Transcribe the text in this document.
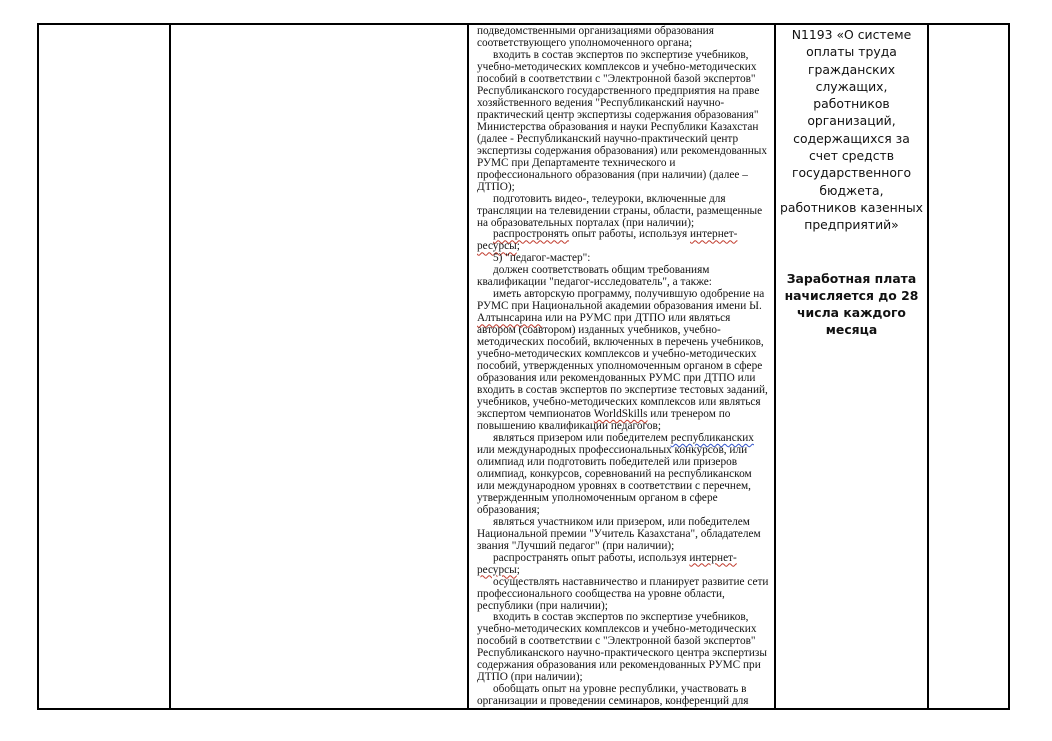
подведомственными организациями образования соответствующего уполномоченного органа;

входить в состав экспертов по экспертизе учебников, учебно-методических комплексов и учебно-методических пособий в соответствии с "Электронной базой экспертов" Республиканского государственного предприятия на праве хозяйственного ведения "Республиканский научно-практический центр экспертизы содержания образования" Министерства образования и науки Республики Казахстан (далее - Республиканский научно-практический центр экспертизы содержания образования) или рекомендованных РУМС при Департаменте технического и профессионального образования (при наличии) (далее – ДТПО);

подготовить видео-, телеуроки, включенные для трансляции на телевидении страны, области, размещенные на образовательных порталах (при наличии);

распростронять опыт работы, используя интернет-ресурсы;

5) "педагог-мастер":

должен соответствовать общим требованиям квалификации "педагог-исследователь", а также:

иметь авторскую программу, получившую одобрение на РУМС при Национальной академии образования имени Ы. Алтынсарина или на РУМС при ДТПО или являться автором (соавтором) изданных учебников, учебно-методических пособий, включенных в перечень учебников, учебно-методических комплексов и учебно-методических пособий, утвержденных уполномоченным органом в сфере образования или рекомендованных РУМС при ДТПО или входить в состав экспертов по экспертизе тестовых заданий, учебников, учебно-методических комплексов или являться экспертом чемпионатов WorldSkills или тренером по повышению квалификации педагогов;

являться призером или победителем республиканских или международных профессиональных конкурсов, или олимпиад или подготовить победителей или призеров олимпиад, конкурсов, соревнований на республиканском или международном уровнях в соответствии с перечнем, утвержденным уполномоченным органом в сфере образования;

являться участником или призером, или победителем Национальной премии "Учитель Казахстана", обладателем звания "Лучший педагог" (при наличии);

распространять опыт работы, используя интернет-ресурсы;

осуществлять наставничество и планирует развитие сети профессионального сообщества на уровне области, республики (при наличии);

входить в состав экспертов по экспертизе учебников, учебно-методических комплексов и учебно-методических пособий в соответствии с "Электронной базой экспертов" Республиканского научно-практического центра экспертизы содержания образования или рекомендованных РУМС при ДТПО (при наличии);

обобщать опыт на уровне республики, участвовать в организации и проведении семинаров, конференций для

N1193 «О системе оплаты труда гражданских служащих, работников организаций, содержащихся за счет средств государственного бюджета, работников казенных предприятий»
Заработная плата начисляется до 28 числа каждого месяца
